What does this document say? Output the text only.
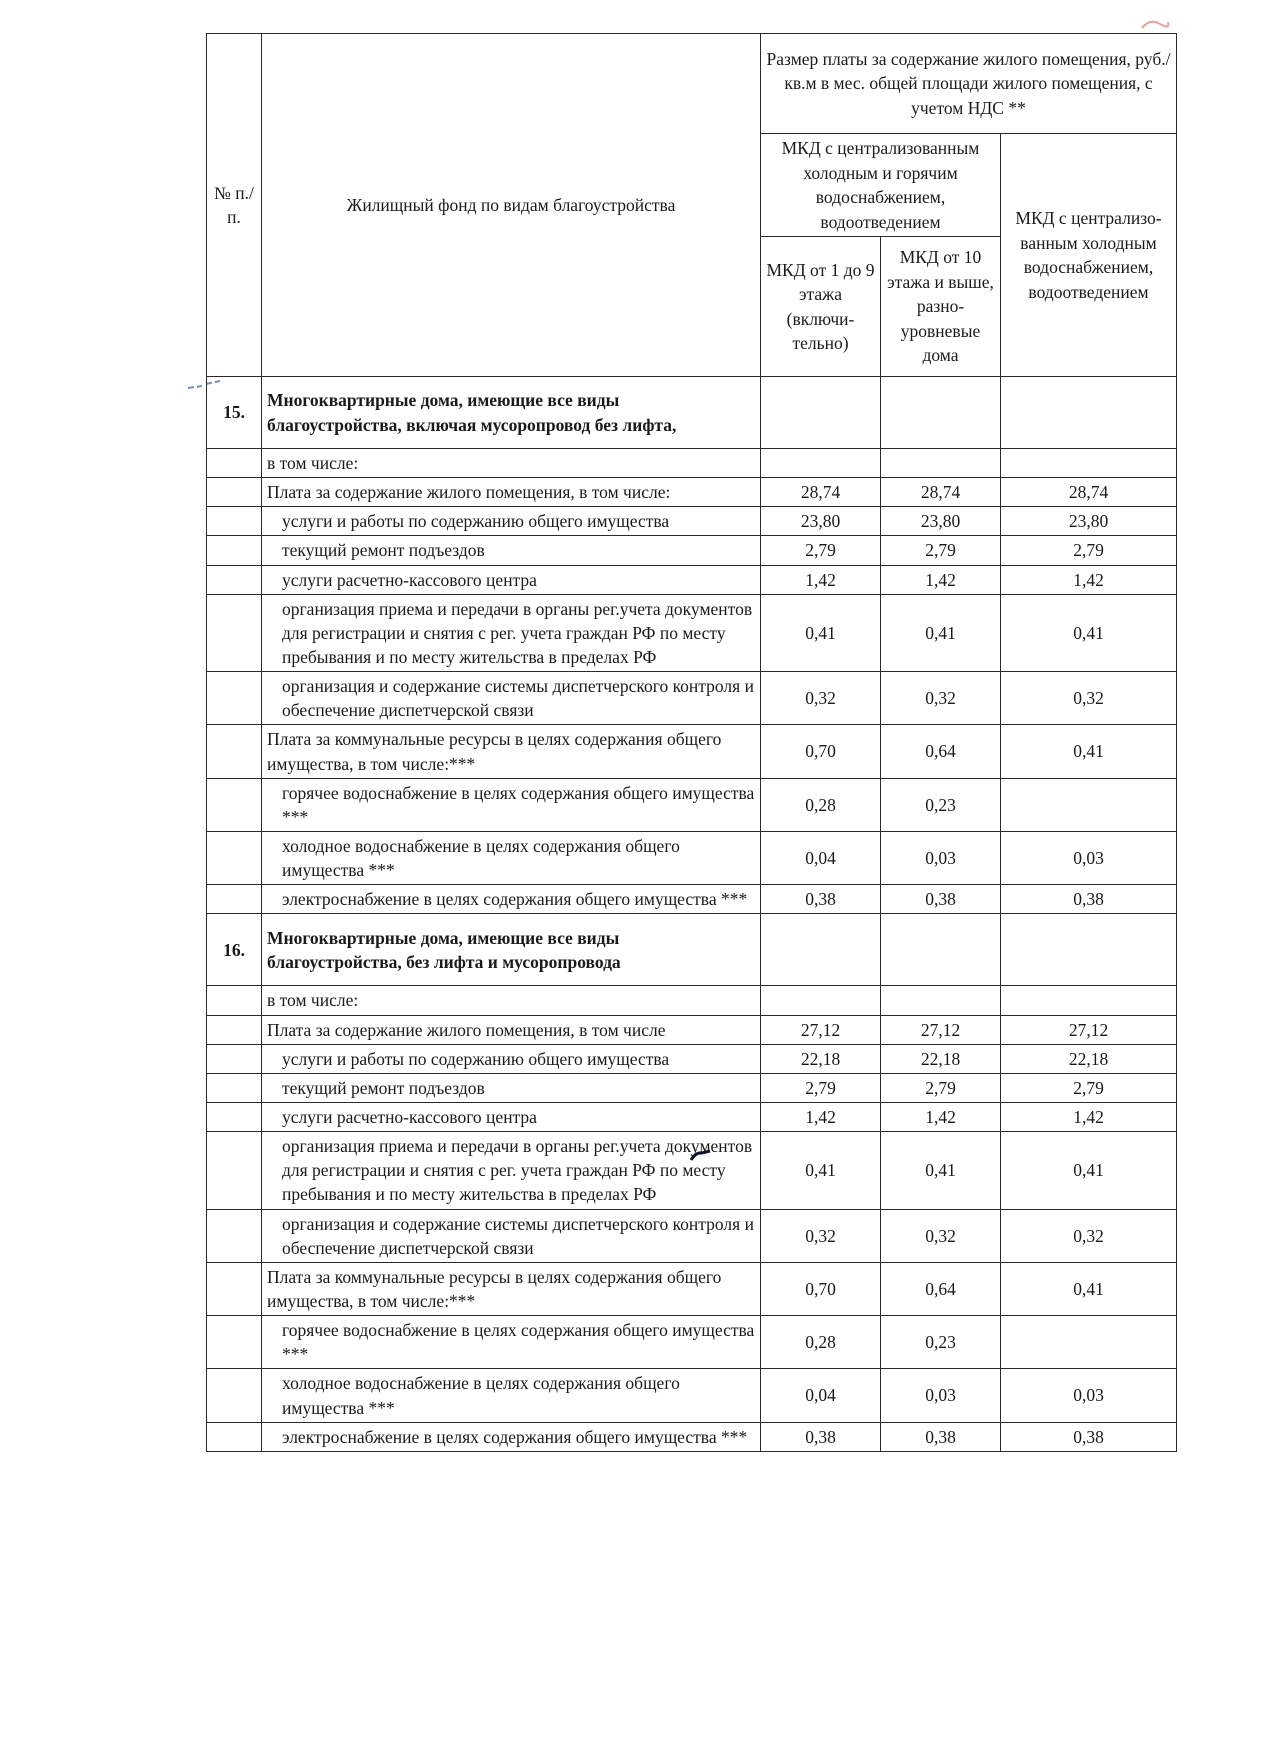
№ п./п.	Жилищный фонд по видам благоустройства	Размер платы за содержание жилого помещения, руб./кв.м в мес. общей площади жилого помещения, с учетом НДС **		
		МКД с централизованным холодным и горячим водоснабжением, водоотведением		МКД с централизо-ванным холодным водоснабжением, водоотведением
		МКД от 1 до 9 этажа (включи-тельно)	МКД от 10 этажа и выше, разно-уровневые дома	
15.	Многоквартирные дома, имеющие все виды благоустройства, включая мусоропровод без лифта,			
	в том числе:			
	Плата за содержание жилого помещения, в том числе:	28,74	28,74	28,74
	услуги и работы по содержанию общего имущества	23,80	23,80	23,80
	текущий ремонт подъездов	2,79	2,79	2,79
	услуги расчетно-кассового центра	1,42	1,42	1,42
	организация приема и передачи в органы рег.учета документов для регистрации и снятия с рег. учета граждан РФ по месту пребывания и по месту жительства в пределах РФ	0,41	0,41	0,41
	организация и содержание системы диспетчерского контроля и обеспечение диспетчерской связи	0,32	0,32	0,32
	Плата за коммунальные ресурсы в целях содержания общего имущества, в том числе:***	0,70	0,64	0,41
	горячее водоснабжение в целях содержания общего имущества ***	0,28	0,23	
	холодное водоснабжение в целях содержания общего имущества ***	0,04	0,03	0,03
	электроснабжение в целях содержания общего имущества ***	0,38	0,38	0,38
16.	Многоквартирные дома, имеющие все виды благоустройства, без лифта и мусоропровода			
	в том числе:			
	Плата за содержание жилого помещения, в том числе	27,12	27,12	27,12
	услуги и работы по содержанию общего имущества	22,18	22,18	22,18
	текущий ремонт подъездов	2,79	2,79	2,79
	услуги расчетно-кассового центра	1,42	1,42	1,42
	организация приема и передачи в органы рег.учета документов для регистрации и снятия с рег. учета граждан РФ по месту пребывания и по месту жительства в пределах РФ	0,41	0,41	0,41
	организация и содержание системы диспетчерского контроля и обеспечение диспетчерской связи	0,32	0,32	0,32
	Плата за коммунальные ресурсы в целях содержания общего имущества, в том числе:***	0,70	0,64	0,41
	горячее водоснабжение в целях содержания общего имущества ***	0,28	0,23	
	холодное водоснабжение в целях содержания общего имущества ***	0,04	0,03	0,03
	электроснабжение в целях содержания общего имущества ***	0,38	0,38	0,38
